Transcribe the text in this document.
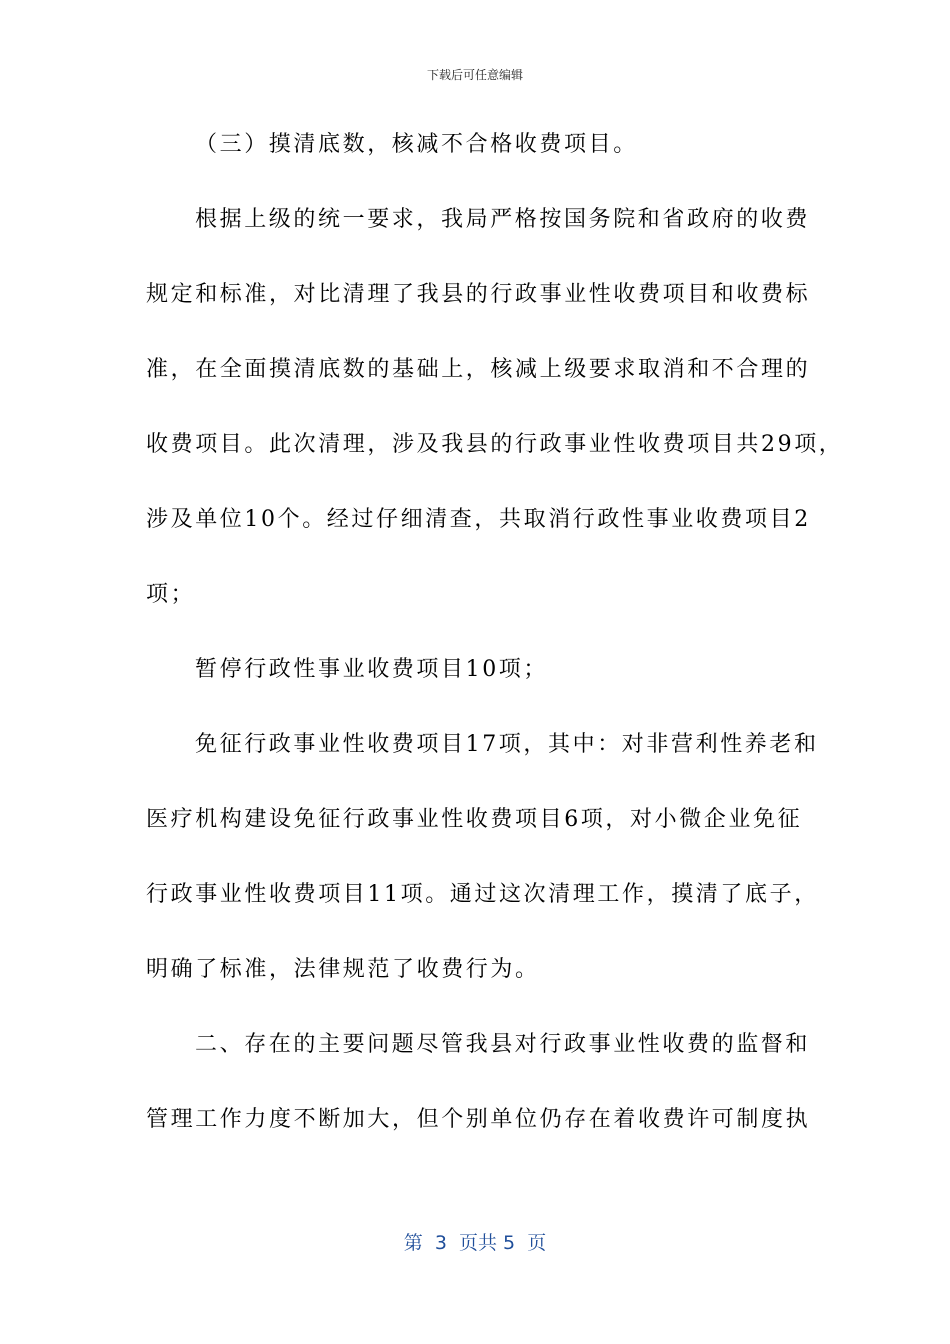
下载后可任意编辑
（三）摸清底数，核减不合格收费项目。
根据上级的统一要求，我局严格按国务院和省政府的收费
规定和标准，对比清理了我县的行政事业性收费项目和收费标
准，在全面摸清底数的基础上，核减上级要求取消和不合理的
收费项目。此次清理，涉及我县的行政事业性收费项目共29项，
涉及单位10个。经过仔细清查，共取消行政性事业收费项目2
项；
暂停行政性事业收费项目10项；
免征行政事业性收费项目17项，其中：对非营利性养老和
医疗机构建设免征行政事业性收费项目6项，对小微企业免征
行政事业性收费项目11项。通过这次清理工作，摸清了底子，
明确了标准，法律规范了收费行为。
二、存在的主要问题尽管我县对行政事业性收费的监督和
管理工作力度不断加大，但个别单位仍存在着收费许可制度执
第  3  页共 5  页
